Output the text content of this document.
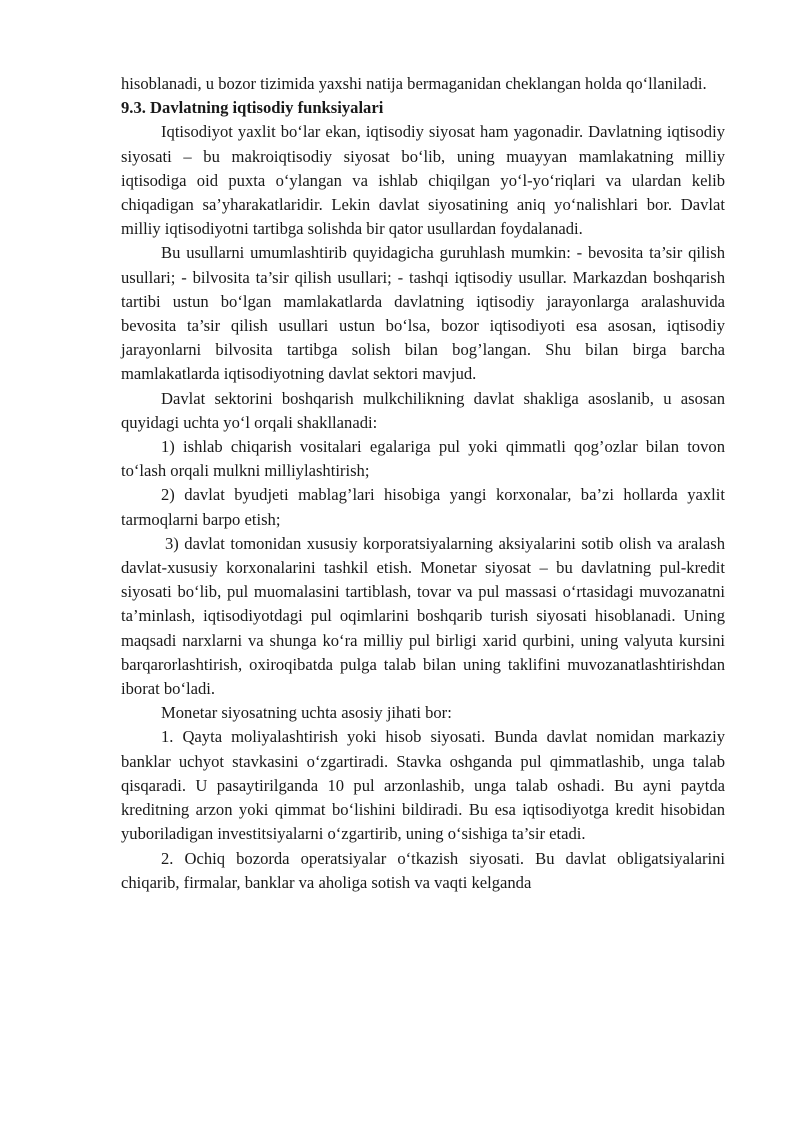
hisoblanadi, u bozor tizimida yaxshi natija bermaganidan cheklangan holda qo‘llaniladi.

9.3. Davlatning iqtisodiy funksiyalari

Iqtisodiyot yaxlit bo‘lar ekan, iqtisodiy siyosat ham yagonadir. Davlatning iqtisodiy siyosati – bu makroiqtisodiy siyosat bo‘lib, uning muayyan mamlakatning milliy iqtisodiga oid puxta o‘ylangan va ishlab chiqilgan yo‘l-yo‘riqlari va ulardan kelib chiqadigan sa’yharakatlaridir. Lekin davlat siyosatining aniq yo‘nalishlari bor. Davlat milliy iqtisodiyotni tartibga solishda bir qator usullardan foydalanadi.

Bu usullarni umumlashtirib quyidagicha guruhlash mumkin: - bevosita ta’sir qilish usullari; - bilvosita ta’sir qilish usullari; - tashqi iqtisodiy usullar. Markazdan boshqarish tartibi ustun bo‘lgan mamlakatlarda davlatning iqtisodiy jarayonlarga aralashuvida bevosita ta’sir qilish usullari ustun bo‘lsa, bozor iqtisodiyoti esa asosan, iqtisodiy jarayonlarni bilvosita tartibga solish bilan bog’langan. Shu bilan birga barcha mamlakatlarda iqtisodiyotning davlat sektori mavjud.

Davlat sektorini boshqarish mulkchilikning davlat shakliga asoslanib, u asosan quyidagi uchta yo‘l orqali shakllanadi:

1) ishlab chiqarish vositalari egalariga pul yoki qimmatli qog’ozlar bilan tovon to‘lash orqali mulkni milliylashtirish;

2) davlat byudjeti mablag’lari hisobiga yangi korxonalar, ba’zi hollarda yaxlit tarmoqlarni barpo etish;

3) davlat tomonidan xususiy korporatsiyalarning aksiyalarini sotib olish va aralash davlat-xususiy korxonalarini tashkil etish. Monetar siyosat – bu davlatning pul-kredit siyosati bo‘lib, pul muomalasini tartiblash, tovar va pul massasi o‘rtasidagi muvozanatni ta’minlash, iqtisodiyotdagi pul oqimlarini boshqarib turish siyosati hisoblanadi. Uning maqsadi narxlarni va shunga ko‘ra milliy pul birligi xarid qurbini, uning valyuta kursini barqarorlashtirish, oxiroqibatda pulga talab bilan uning taklifini muvozanatlashtirishdan iborat bo‘ladi.

Monetar siyosatning uchta asosiy jihati bor:

1. Qayta moliyalashtirish yoki hisob siyosati. Bunda davlat nomidan markaziy banklar uchyot stavkasini o‘zgartiradi. Stavka oshganda pul qimmatlashib, unga talab qisqaradi. U pasaytirilganda 10 pul arzonlashib, unga talab oshadi. Bu ayni paytda kreditning arzon yoki qimmat bo‘lishini bildiradi. Bu esa iqtisodiyotga kredit hisobidan yuboriladigan investitsiyalarni o‘zgartirib, uning o‘sishiga ta’sir etadi.

2. Ochiq bozorda operatsiyalar o‘tkazish siyosati. Bu davlat obligatsiyalarini chiqarib, firmalar, banklar va aholiga sotish va vaqti kelganda
